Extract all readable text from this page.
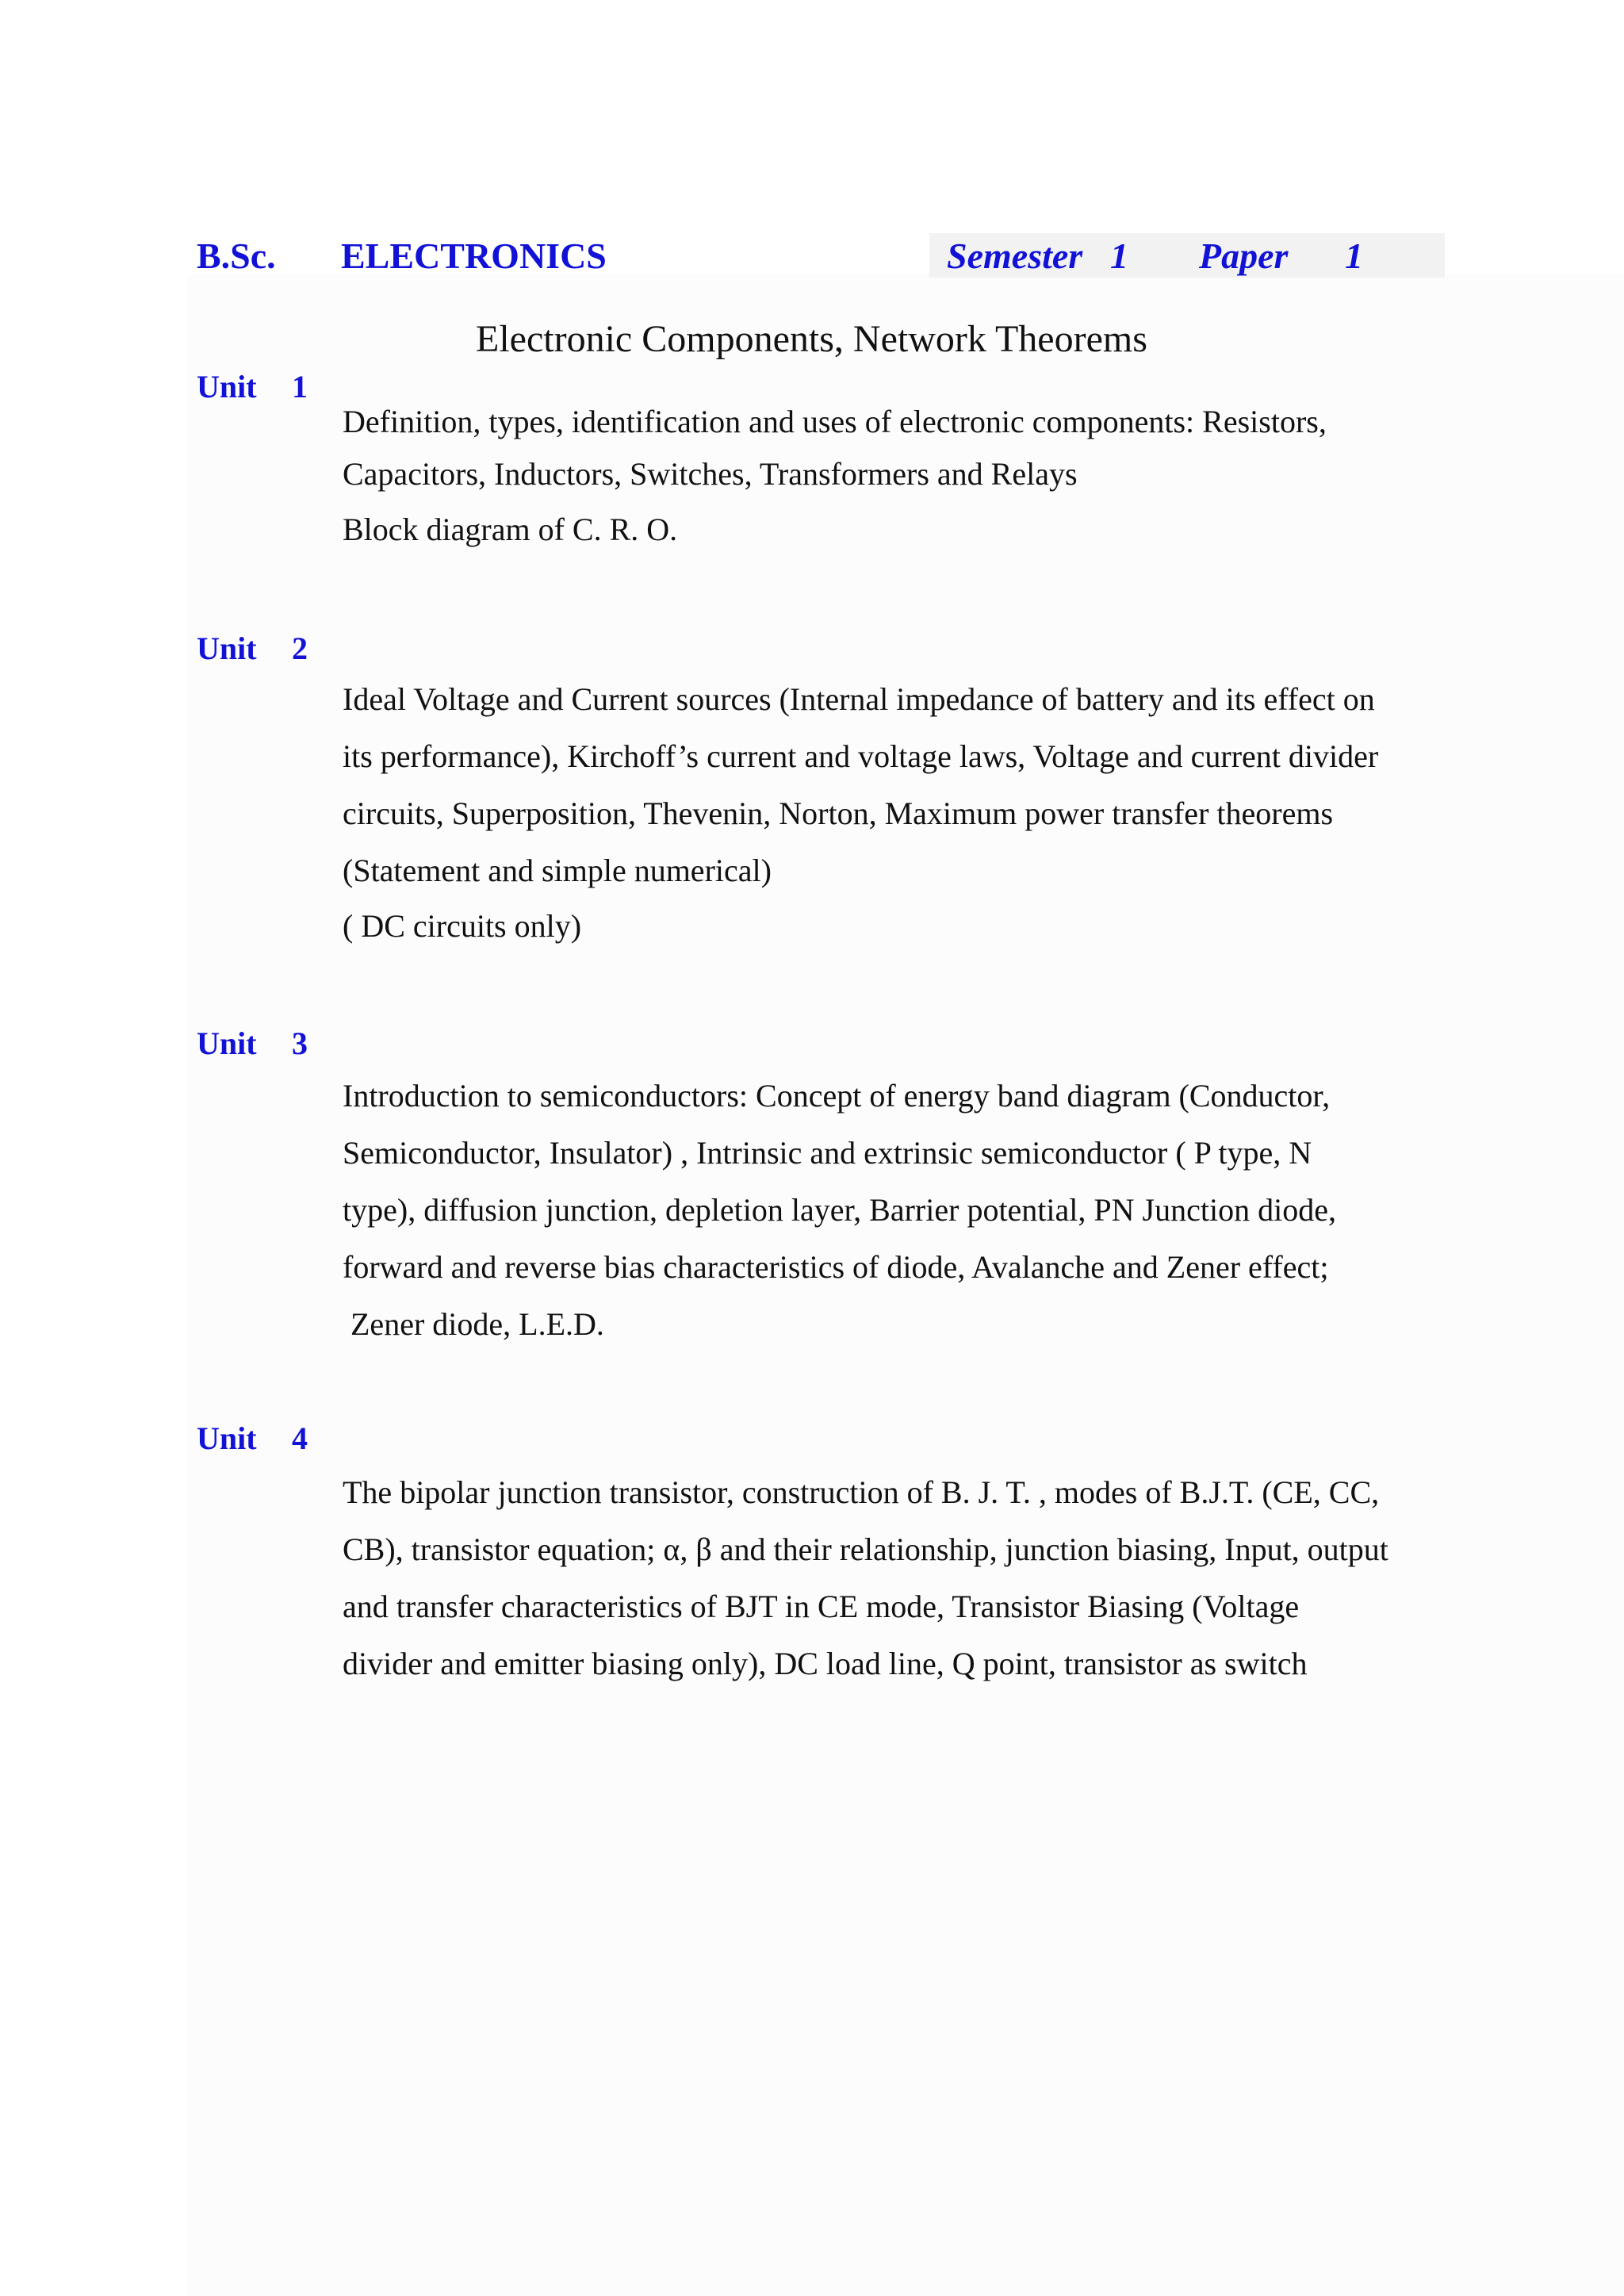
B.Sc. ELECTRONICS	Semester 1 Paper 1
Electronic Components, Network Theorems
Unit 1
Definition, types, identification and uses of electronic components: Resistors,
Capacitors, Inductors, Switches, Transformers and Relays
Block diagram of C. R. O.
Unit 2
Ideal Voltage and Current sources (Internal impedance of battery and its effect on
its performance), Kirchoff’s current and voltage laws, Voltage and current divider
circuits, Superposition, Thevenin, Norton, Maximum power transfer theorems
(Statement and simple numerical)
( DC circuits only)
Unit 3
Introduction to semiconductors: Concept of energy band diagram (Conductor,
Semiconductor, Insulator) , Intrinsic and extrinsic semiconductor ( P type, N
type), diffusion junction, depletion layer, Barrier potential, PN Junction diode,
forward and reverse bias characteristics of diode, Avalanche and Zener effect;
Zener diode, L.E.D.
Unit 4
The bipolar junction transistor, construction of B. J. T. , modes of B.J.T. (CE, CC,
CB), transistor equation; α, β and their relationship, junction biasing, Input, output
and transfer characteristics of BJT in CE mode, Transistor Biasing (Voltage
divider and emitter biasing only), DC load line, Q point, transistor as switch
